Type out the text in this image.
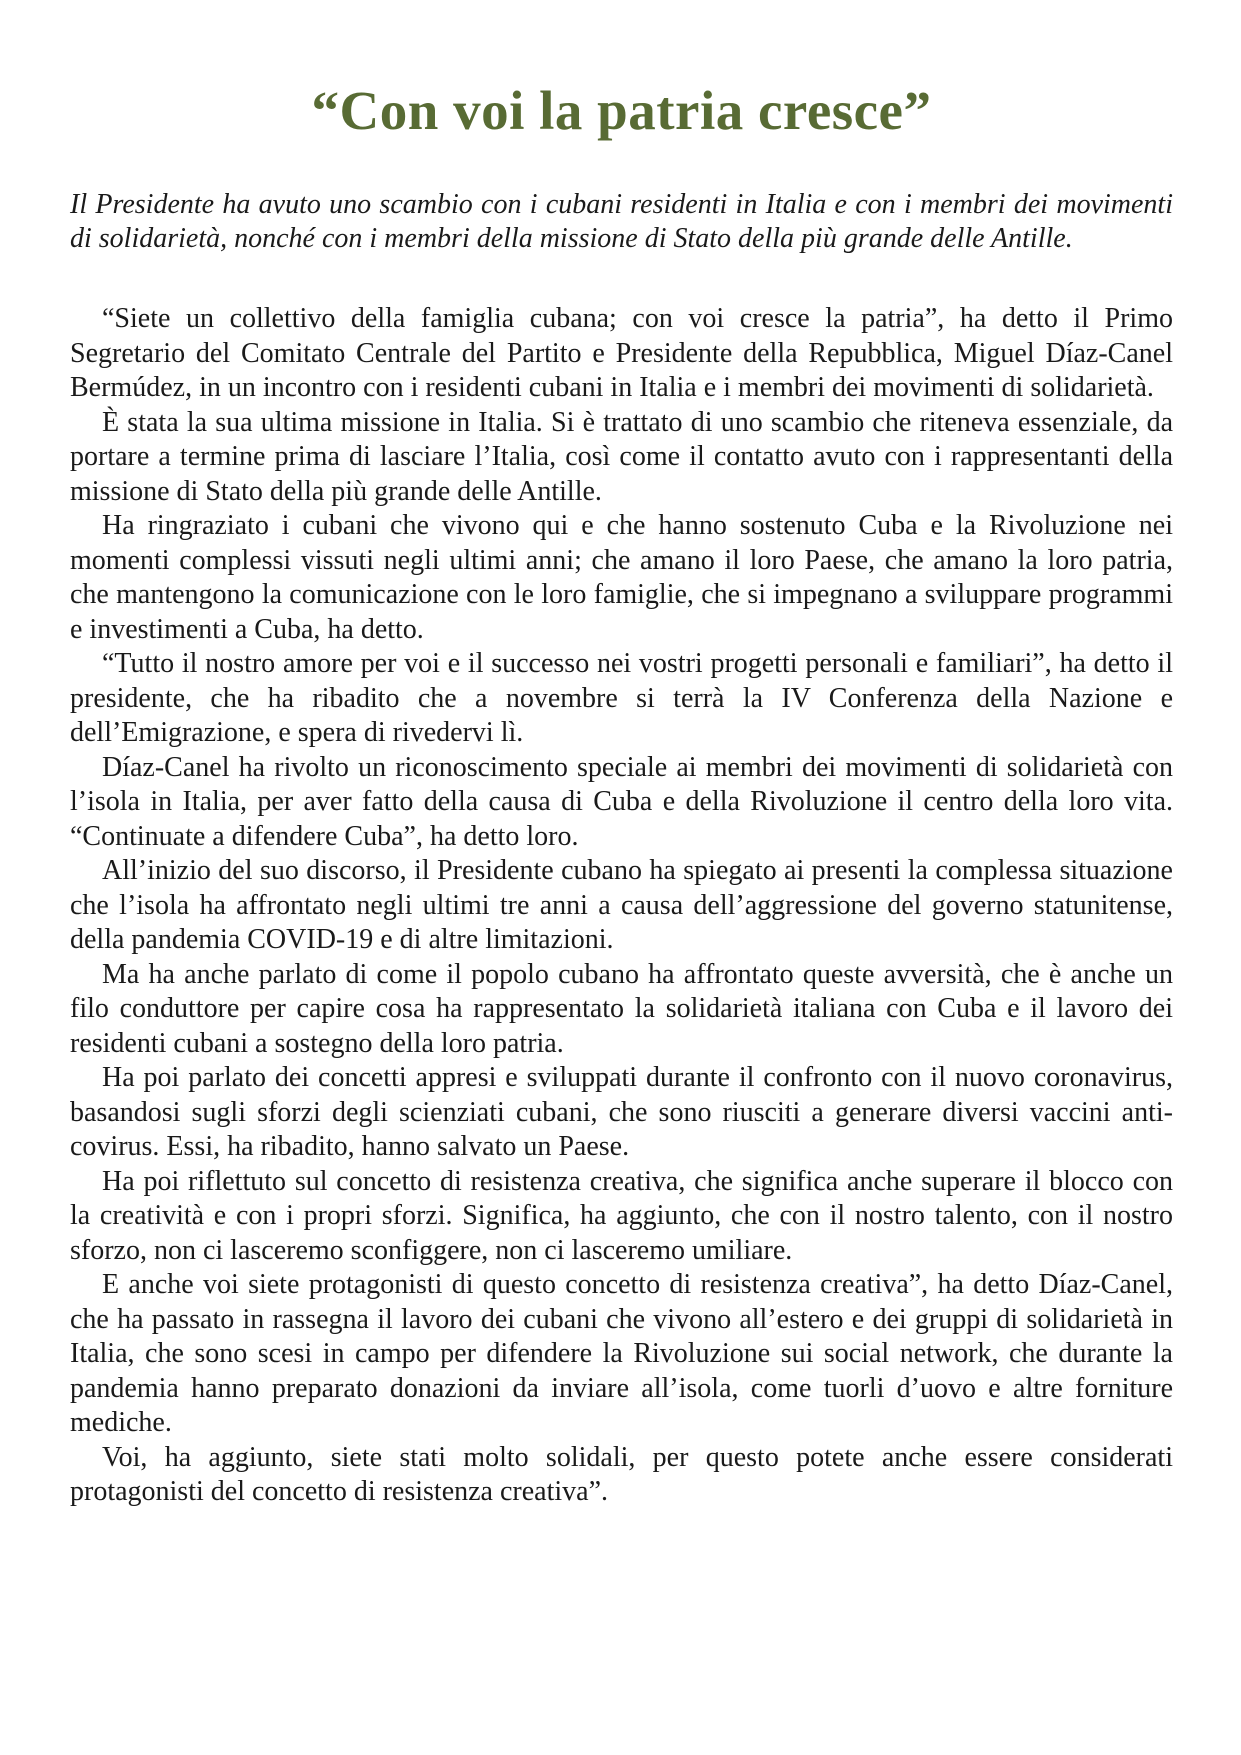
“Con voi la patria cresce”

Il Presidente ha avuto uno scambio con i cubani residenti in Italia e con i membri dei movimenti di solidarietà, nonché con i membri della missione di Stato della più grande delle Antille.

“Siete un collettivo della famiglia cubana; con voi cresce la patria”, ha detto il Primo Segretario del Comitato Centrale del Partito e Presidente della Repubblica, Miguel Díaz-Canel Bermúdez, in un incontro con i residenti cubani in Italia e i membri dei movimenti di solidarietà.

È stata la sua ultima missione in Italia. Si è trattato di uno scambio che riteneva essenziale, da portare a termine prima di lasciare l’Italia, così come il contatto avuto con i rappresentanti della missione di Stato della più grande delle Antille.

Ha ringraziato i cubani che vivono qui e che hanno sostenuto Cuba e la Rivoluzione nei momenti complessi vissuti negli ultimi anni; che amano il loro Paese, che amano la loro patria, che mantengono la comunicazione con le loro famiglie, che si impegnano a sviluppare programmi e investimenti a Cuba, ha detto.

“Tutto il nostro amore per voi e il successo nei vostri progetti personali e familiari”, ha detto il presidente, che ha ribadito che a novembre si terrà la IV Conferenza della Nazione e dell’Emigrazione, e spera di rivedervi lì.

Díaz-Canel ha rivolto un riconoscimento speciale ai membri dei movimenti di solidarietà con l’isola in Italia, per aver fatto della causa di Cuba e della Rivoluzione il centro della loro vita. “Continuate a difendere Cuba”, ha detto loro.

All’inizio del suo discorso, il Presidente cubano ha spiegato ai presenti la complessa situazione che l’isola ha affrontato negli ultimi tre anni a causa dell’aggressione del governo statunitense, della pandemia COVID-19 e di altre limitazioni.

Ma ha anche parlato di come il popolo cubano ha affrontato queste avversità, che è anche un filo conduttore per capire cosa ha rappresentato la solidarietà italiana con Cuba e il lavoro dei residenti cubani a sostegno della loro patria.

Ha poi parlato dei concetti appresi e sviluppati durante il confronto con il nuovo coronavirus, basandosi sugli sforzi degli scienziati cubani, che sono riusciti a generare diversi vaccini anti-covirus. Essi, ha ribadito, hanno salvato un Paese.

Ha poi riflettuto sul concetto di resistenza creativa, che significa anche superare il blocco con la creatività e con i propri sforzi. Significa, ha aggiunto, che con il nostro talento, con il nostro sforzo, non ci lasceremo sconfiggere, non ci lasceremo umiliare.

E anche voi siete protagonisti di questo concetto di resistenza creativa”, ha detto Díaz-Canel, che ha passato in rassegna il lavoro dei cubani che vivono all’estero e dei gruppi di solidarietà in Italia, che sono scesi in campo per difendere la Rivoluzione sui social network, che durante la pandemia hanno preparato donazioni da inviare all’isola, come tuorli d’uovo e altre forniture mediche.

Voi, ha aggiunto, siete stati molto solidali, per questo potete anche essere considerati protagonisti del concetto di resistenza creativa”.
